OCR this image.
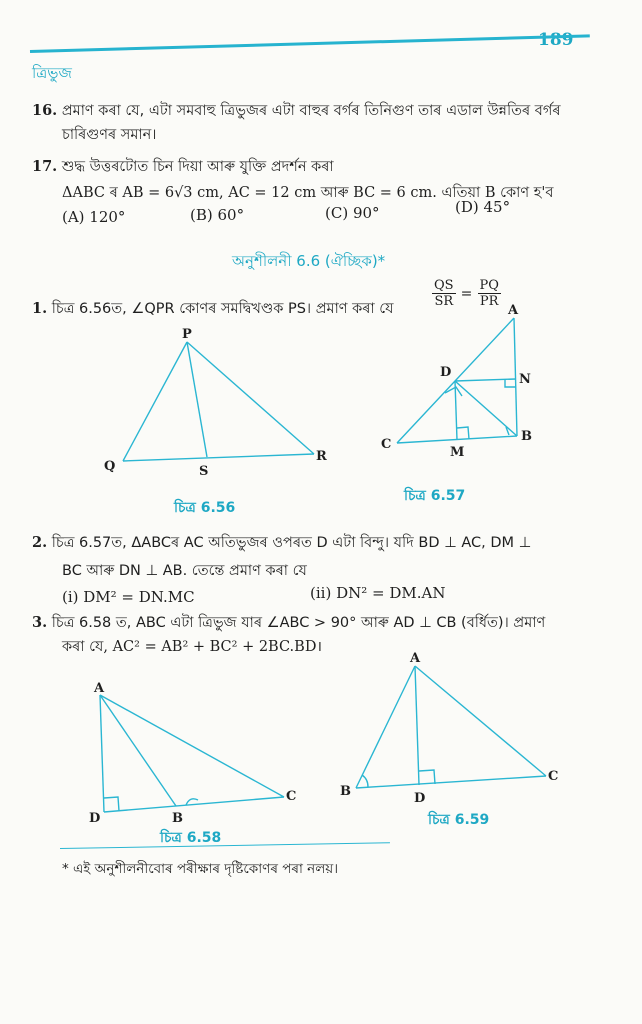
189
ত্ৰিভুজ
16. প্ৰমাণ কৰা যে, এটা সমবাহু ত্ৰিভুজৰ এটা বাহুৰ বৰ্গৰ তিনিগুণ তাৰ এডাল উন্নতিৰ বৰ্গৰ
চাৰিগুণৰ সমান।
17. শুদ্ধ উত্তৰটোত চিন দিয়া আৰু যুক্তি প্ৰদৰ্শন কৰা
ΔABC ৰ AB = 6√3 cm, AC = 12 cm আৰু BC = 6 cm. এতিয়া B কোণ হ'ব
(A) 120°	(B) 60°	(C) 90°	(D) 45°
অনুশীলনী 6.6 (ঐচ্ছিক)*
1. চিত্ৰ 6.56ত, ∠QPR কোণৰ সমদ্বিখণ্ডক PS। প্ৰমাণ কৰা যে	$\frac{QS}{SR} = \frac{PQ}{PR}$
P
Q	S
R
চিত্ৰ 6.56
A
D	N
C
M
B
চিত্ৰ 6.57
2. চিত্ৰ 6.57ত, ΔABCৰ AC অতিভুজৰ ওপৰত D এটা বিন্দু। যদি BD ⊥ AC, DM ⊥
BC আৰু DN ⊥ AB. তেন্তে প্ৰমাণ কৰা যে
(i) DM² = DN.MC	(ii) DN² = DM.AN
3. চিত্ৰ 6.58 ত, ABC এটা ত্ৰিভুজ যাৰ ∠ABC > 90° আৰু AD ⊥ CB (বৰ্ধিত)। প্ৰমাণ
কৰা যে, AC² = AB² + BC² + 2BC.BD।
A
D	B
C
চিত্ৰ 6.58
A
B	D
C
চিত্ৰ 6.59
* এই অনুশীলনীবোৰ পৰীক্ষাৰ দৃষ্টিকোণৰ পৰা নলয়।
